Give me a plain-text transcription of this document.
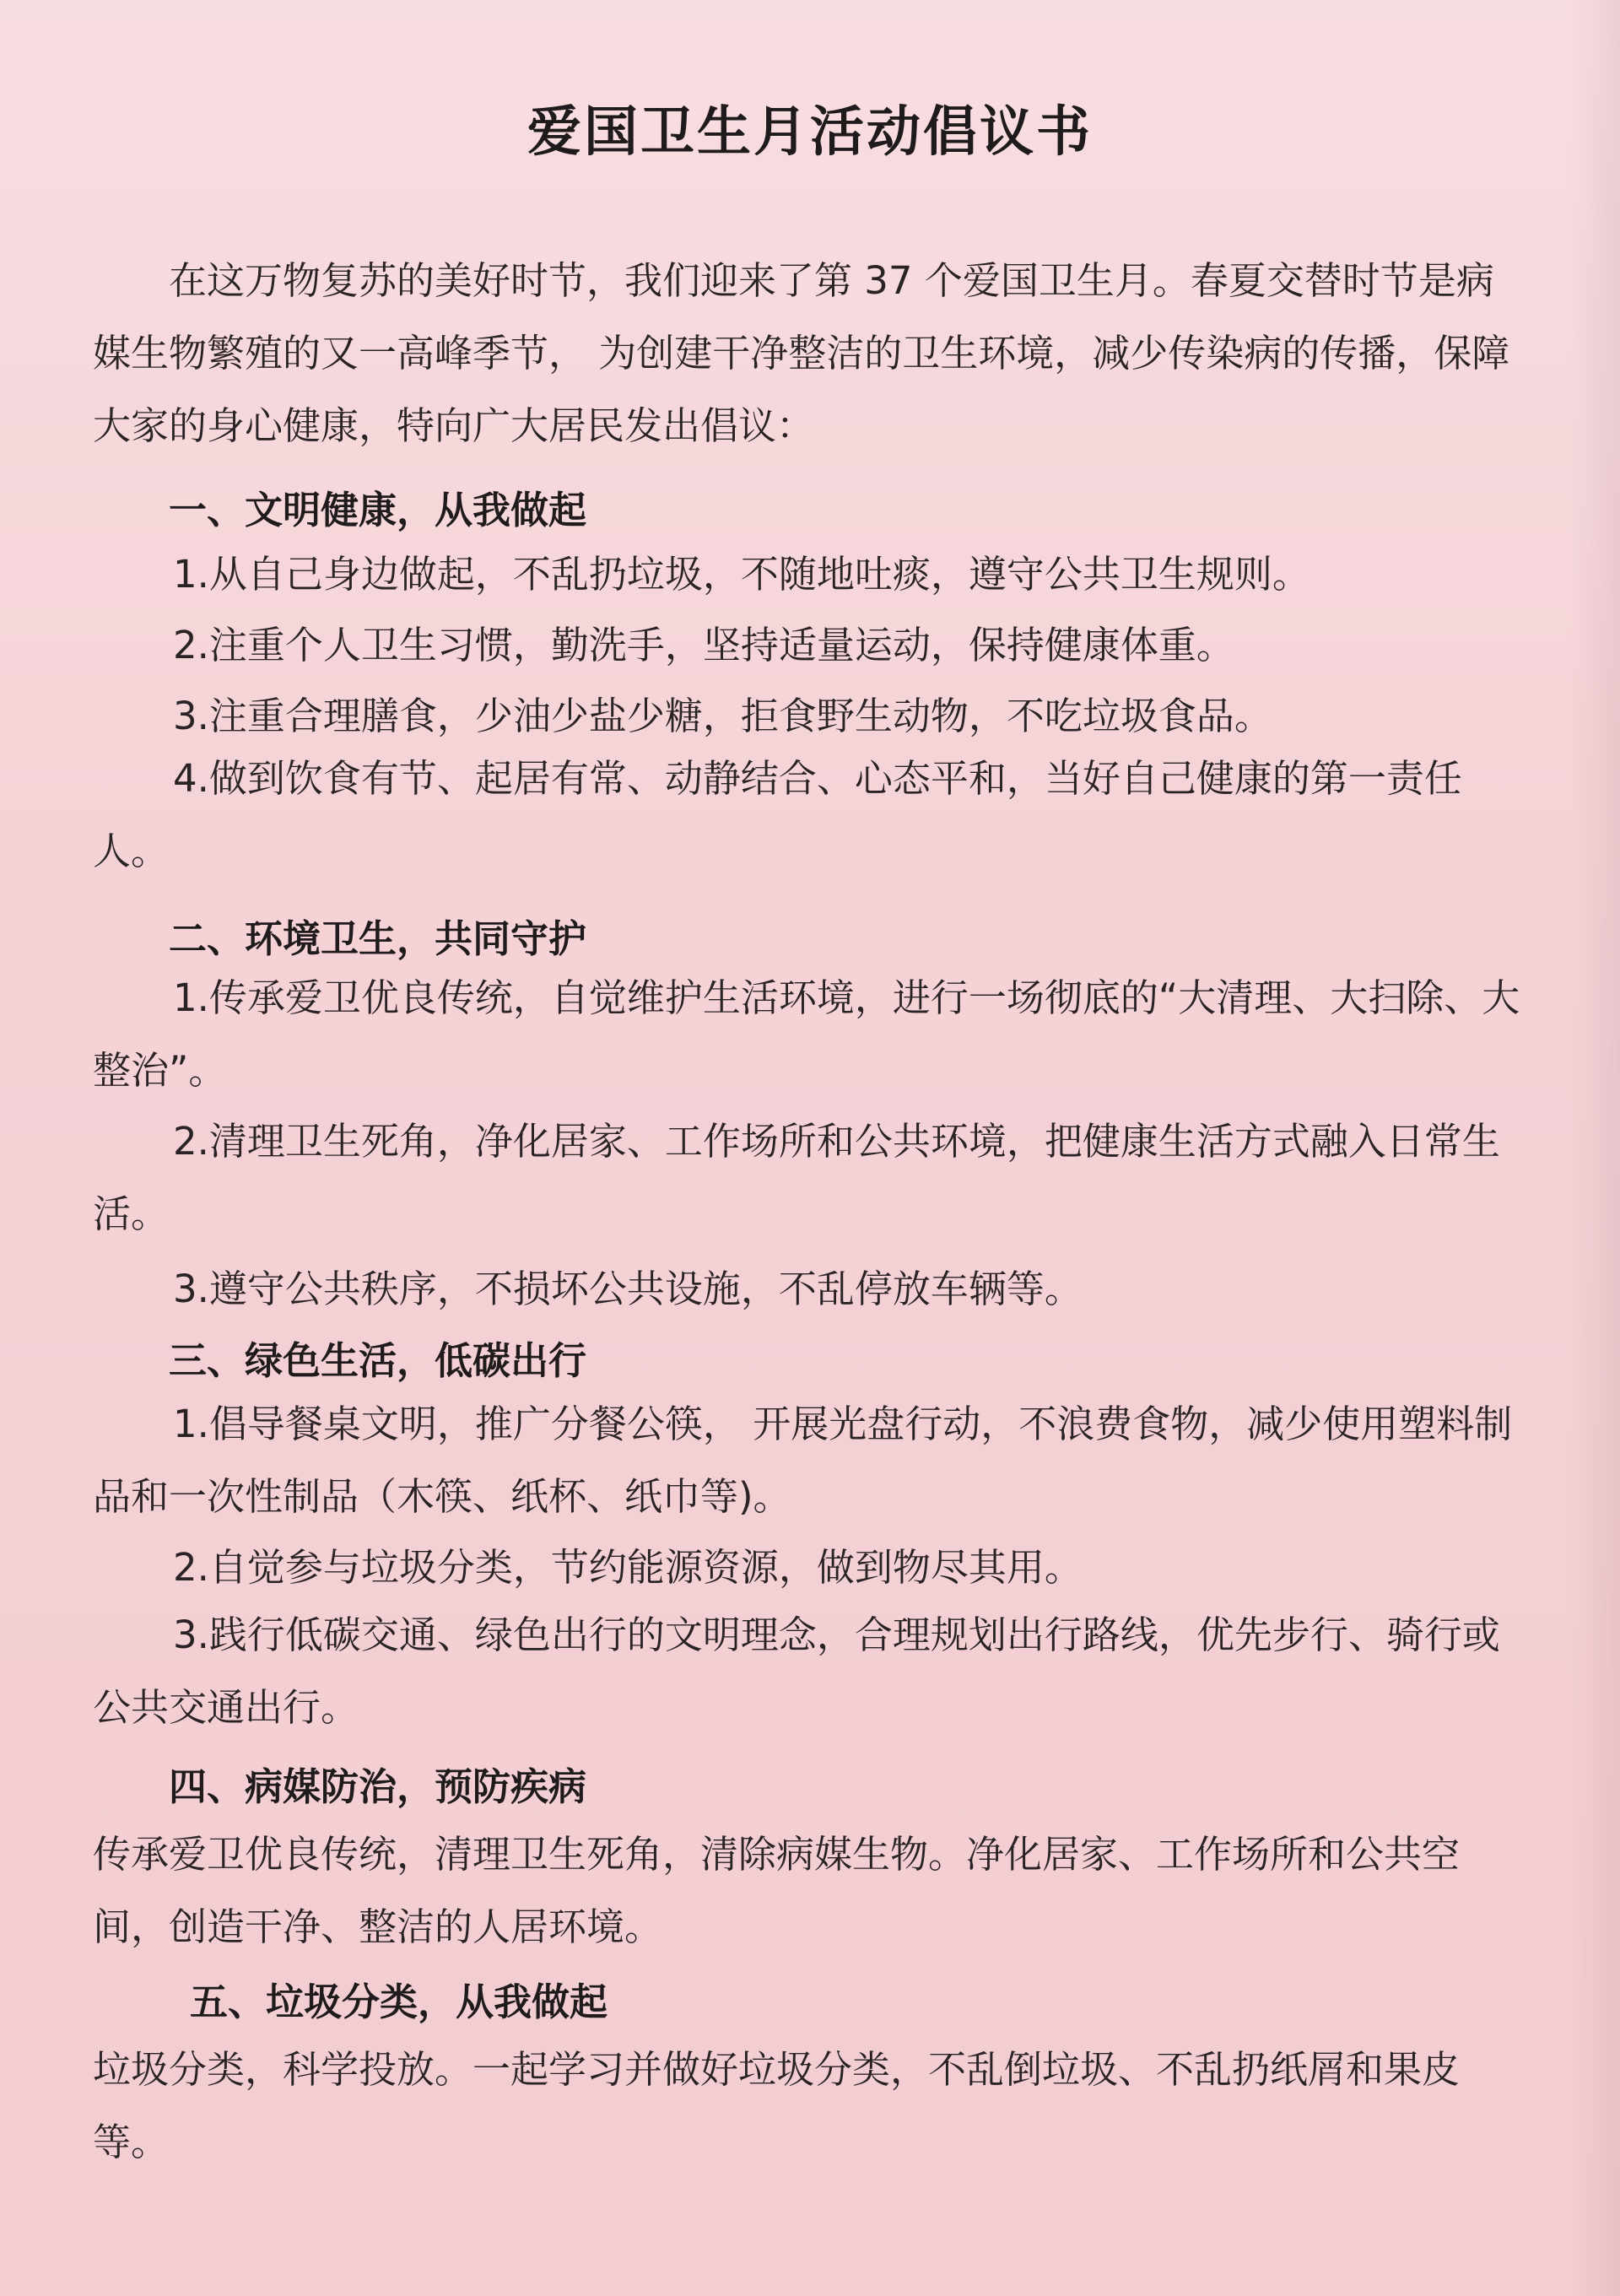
爱国卫生月活动倡议书

在这万物复苏的美好时节，我们迎来了第 37 个爱国卫生月。春夏交替时节是病媒生物繁殖的又一高峰季节， 为创建干净整洁的卫生环境，减少传染病的传播，保障大家的身心健康，特向广大居民发出倡议：

一、文明健康，从我做起

1.从自己身边做起，不乱扔垃圾，不随地吐痰，遵守公共卫生规则。

2.注重个人卫生习惯，勤洗手，坚持适量运动，保持健康体重。

3.注重合理膳食，少油少盐少糖，拒食野生动物，不吃垃圾食品。

4.做到饮食有节、起居有常、动静结合、心态平和，当好自己健康的第一责任人。

二、环境卫生，共同守护

1.传承爱卫优良传统，自觉维护生活环境，进行一场彻底的“大清理、大扫除、大整治”。

2.清理卫生死角，净化居家、工作场所和公共环境，把健康生活方式融入日常生活。

3.遵守公共秩序，不损坏公共设施，不乱停放车辆等。

三、绿色生活，低碳出行

1.倡导餐桌文明，推广分餐公筷， 开展光盘行动，不浪费食物，减少使用塑料制品和一次性制品（木筷、纸杯、纸巾等)。

2.自觉参与垃圾分类，节约能源资源，做到物尽其用。

3.践行低碳交通、绿色出行的文明理念，合理规划出行路线，优先步行、骑行或公共交通出行。

四、病媒防治，预防疾病

传承爱卫优良传统，清理卫生死角，清除病媒生物。净化居家、工作场所和公共空间，创造干净、整洁的人居环境。

五、垃圾分类，从我做起

垃圾分类，科学投放。一起学习并做好垃圾分类，不乱倒垃圾、不乱扔纸屑和果皮等。
